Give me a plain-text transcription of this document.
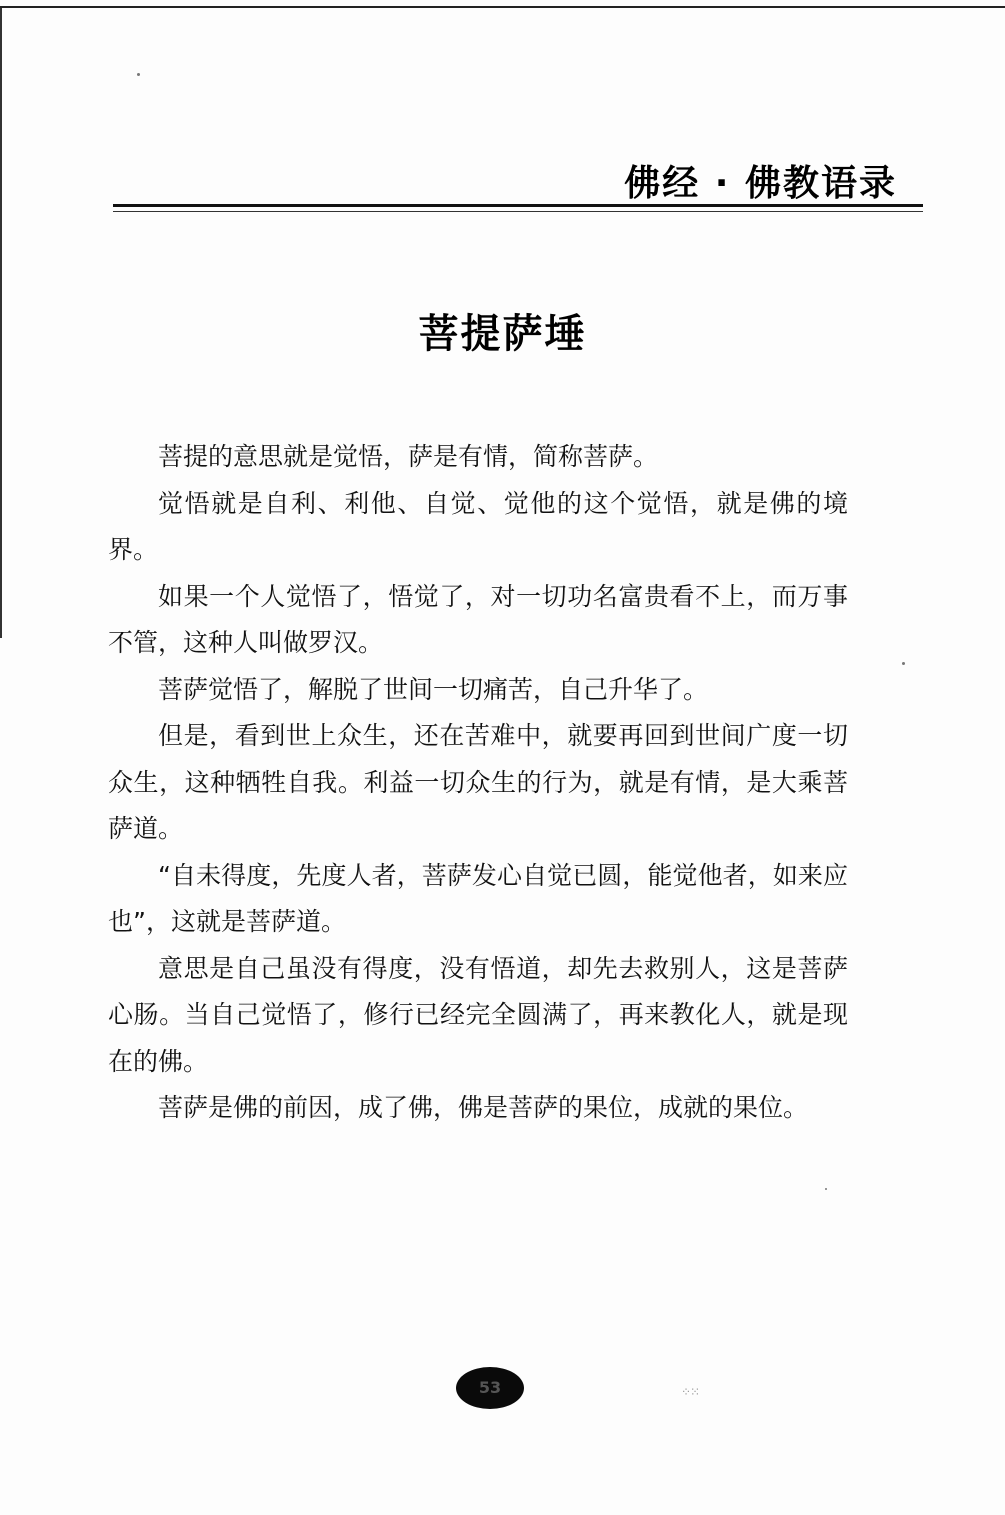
佛经 · 佛教语录
菩提萨埵

菩提的意思就是觉悟，萨是有情，简称菩萨。

觉悟就是自利、利他、自觉、觉他的这个觉悟，就是佛的境界。

如果一个人觉悟了，悟觉了，对一切功名富贵看不上，而万事不管，这种人叫做罗汉。

菩萨觉悟了，解脱了世间一切痛苦，自己升华了。

但是，看到世上众生，还在苦难中，就要再回到世间广度一切众生，这种牺牲自我。利益一切众生的行为，就是有情，是大乘菩萨道。

“自未得度，先度人者，菩萨发心自觉已圆，能觉他者，如来应也”，这就是菩萨道。

意思是自己虽没有得度，没有悟道，却先去救别人，这是菩萨心肠。当自己觉悟了，修行已经完全圆满了，再来教化人，就是现在的佛。

菩萨是佛的前因，成了佛，佛是菩萨的果位，成就的果位。

53	⁘⁙
